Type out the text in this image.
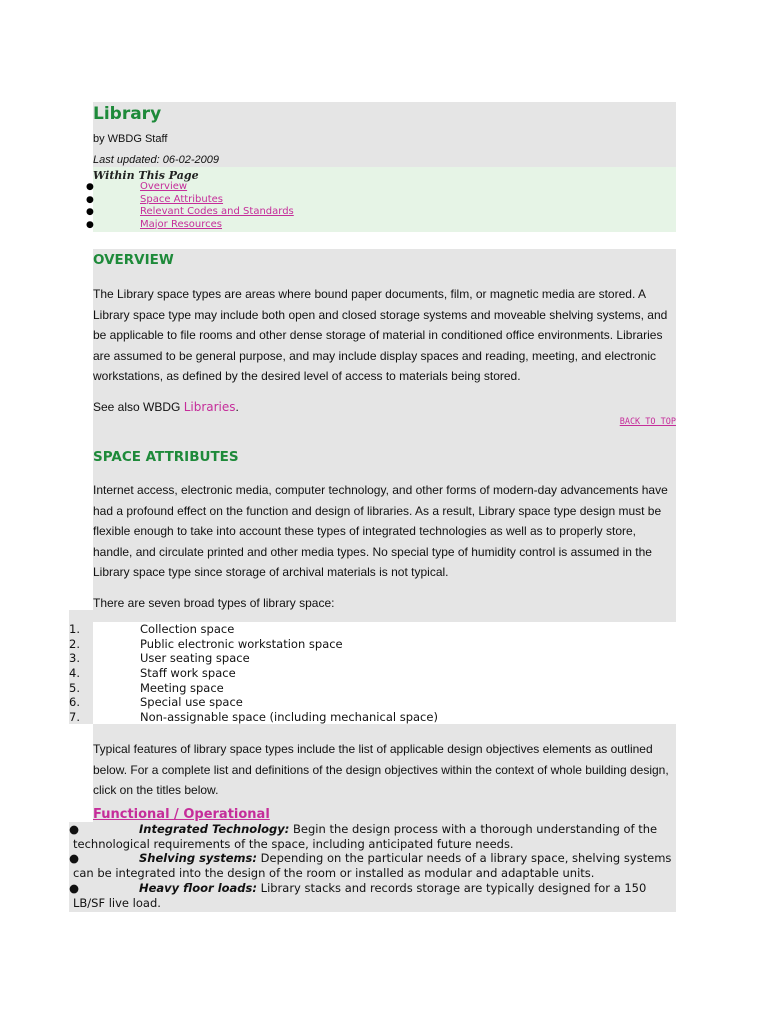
Library
by WBDG Staff
Last updated: 06-02-2009
Within This Page
●	Overview
●	Space Attributes
●	Relevant Codes and Standards
●	Major Resources
OVERVIEW

The Library space types are areas where bound paper documents, film, or magnetic media are stored. A Library space type may include both open and closed storage systems and moveable shelving systems, and be applicable to file rooms and other dense storage of material in conditioned office environments. Libraries are assumed to be general purpose, and may include display spaces and reading, meeting, and electronic workstations, as defined by the desired level of access to materials being stored.

See also WBDG Libraries.

BACK TO TOP
SPACE ATTRIBUTES

Internet access, electronic media, computer technology, and other forms of modern-day advancements have had a profound effect on the function and design of libraries. As a result, Library space type design must be flexible enough to take into account these types of integrated technologies as well as to properly store, handle, and circulate printed and other media types. No special type of humidity control is assumed in the Library space type since storage of archival materials is not typical.

There are seven broad types of library space:

1.	Collection space
2.	Public electronic workstation space
3.	User seating space
4.	Staff work space
5.	Meeting space
6.	Special use space
7.	Non-assignable space (including mechanical space)

Typical features of library space types include the list of applicable design objectives elements as outlined below. For a complete list and definitions of the design objectives within the context of whole building design, click on the titles below.

Functional / Operational
●	Integrated Technology: Begin the design process with a thorough understanding of the technological requirements of the space, including anticipated future needs.
●	Shelving systems: Depending on the particular needs of a library space, shelving systems can be integrated into the design of the room or installed as modular and adaptable units.
●	Heavy floor loads: Library stacks and records storage are typically designed for a 150 LB/SF live load.
